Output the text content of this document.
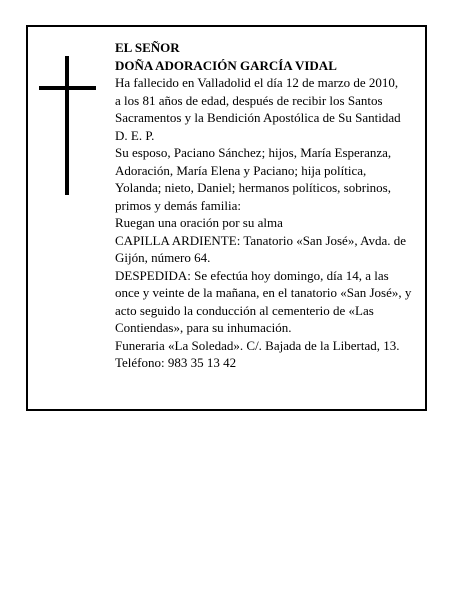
EL SEÑOR
DOÑA ADORACIÓN GARCÍA VIDAL
Ha fallecido en Valladolid el día 12 de marzo de 2010,
a los 81 años de edad, después de recibir los Santos
Sacramentos y la Bendición Apostólica de Su Santidad
D. E. P.
Su esposo, Paciano Sánchez; hijos, María Esperanza,
Adoración, María Elena y Paciano; hija política,
Yolanda; nieto, Daniel; hermanos políticos, sobrinos,
primos y demás familia:
Ruegan una oración por su alma
CAPILLA ARDIENTE: Tanatorio «San José», Avda. de
Gijón, número 64.
DESPEDIDA: Se efectúa hoy domingo, día 14, a las
once y veinte de la mañana, en el tanatorio «San José», y
acto seguido la conducción al cementerio de «Las
Contiendas», para su inhumación.
Funeraria «La Soledad». C/. Bajada de la Libertad, 13.
Teléfono: 983 35 13 42
